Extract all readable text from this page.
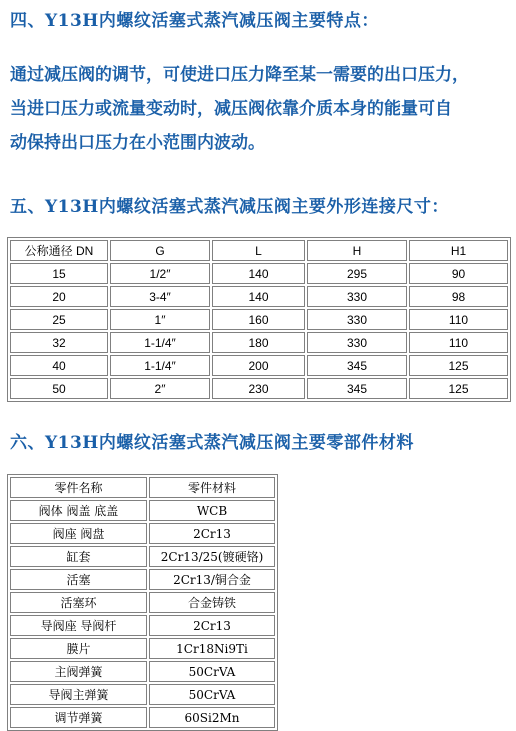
四、Y13H内螺纹活塞式蒸汽减压阀主要特点：
通过减压阀的调节，可使进口压力降至某一需要的出口压力，
当进口压力或流量变动时，减压阀依靠介质本身的能量可自
动保持出口压力在小范围内波动。
五、Y13H内螺纹活塞式蒸汽减压阀主要外形连接尺寸：
公称通径 DN	G	L	H	H1
15	1/2″	140	295	90
20	3-4″	140	330	98
25	1″	160	330	110
32	1-1/4″	180	330	110
40	1-1/4″	200	345	125
50	2″	230	345	125
六、Y13H内螺纹活塞式蒸汽减压阀主要零部件材料
零件名称	零件材料
阀体 阀盖 底盖	WCB
阀座 阀盘	2Cr13
缸套	2Cr13/25(镀硬铬)
活塞	2Cr13/铜合金
活塞环	合金铸铁
导阀座 导阀杆	2Cr13
膜片	1Cr18Ni9Ti
主阀弹簧	50CrVA
导阀主弹簧	50CrVA
调节弹簧	60Si2Mn
